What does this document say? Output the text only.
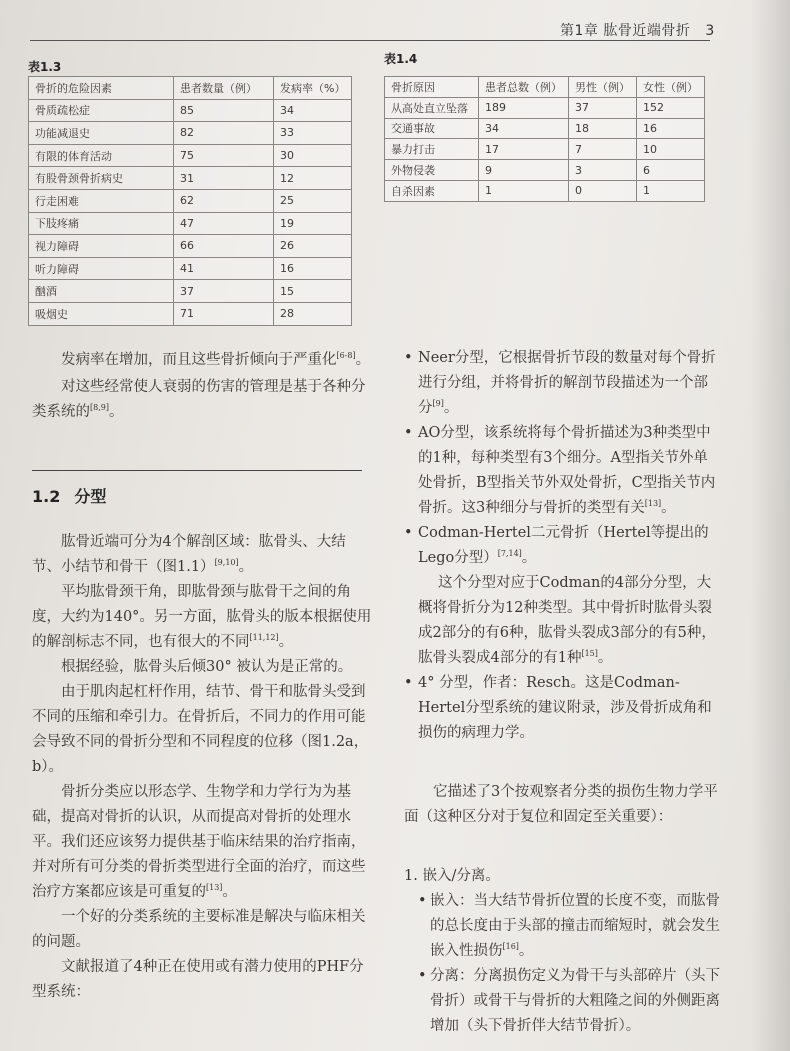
第1章 肱骨近端骨折 3
表1.3
骨折的危险因素	患者数量（例）	发病率（%）
骨质疏松症	85	34
功能减退史	82	33
有限的体育活动	75	30
有股骨颈骨折病史	31	12
行走困难	62	25
下肢疼痛	47	19
视力障碍	66	26
听力障碍	41	16
酗酒	37	15
吸烟史	71	28
表1.4
骨折原因	患者总数（例）	男性（例）	女性（例）
从高处直立坠落	189	37	152
交通事故	34	18	16
暴力打击	17	7	10
外物侵袭	9	3	6
自杀因素	1	0	1

发病率在增加，而且这些骨折倾向于严重化[6-8]。

对这些经常使人衰弱的伤害的管理是基于各种分类系统的[8,9]。

1.2 分型

肱骨近端可分为4个解剖区域：肱骨头、大结节、小结节和骨干（图1.1）[9,10]。

平均肱骨颈干角，即肱骨颈与肱骨干之间的角度，大约为140°。另一方面，肱骨头的版本根据使用的解剖标志不同，也有很大的不同[11,12]。

根据经验，肱骨头后倾30° 被认为是正常的。

由于肌肉起杠杆作用，结节、骨干和肱骨头受到不同的压缩和牵引力。在骨折后，不同力的作用可能会导致不同的骨折分型和不同程度的位移（图1.2a，b）。

骨折分类应以形态学、生物学和力学行为为基础，提高对骨折的认识，从而提高对骨折的处理水平。我们还应该努力提供基于临床结果的治疗指南，并对所有可分类的骨折类型进行全面的治疗，而这些治疗方案都应该是可重复的[13]。

一个好的分类系统的主要标准是解决与临床相关的问题。

文献报道了4种正在使用或有潜力使用的PHF分型系统：

• Neer分型，它根据骨折节段的数量对每个骨折进行分组，并将骨折的解剖节段描述为一个部分[9]。

• AO分型，该系统将每个骨折描述为3种类型中的1种，每种类型有3个细分。A型指关节外单处骨折，B型指关节外双处骨折，C型指关节内骨折。这3种细分与骨折的类型有关[13]。

• Codman-Hertel二元骨折（Hertel等提出的Lego分型）[7,14]。

这个分型对应于Codman的4部分分型，大概将骨折分为12种类型。其中骨折时肱骨头裂成2部分的有6种，肱骨头裂成3部分的有5种，肱骨头裂成4部分的有1种[15]。

• 4° 分型，作者：Resch。这是Codman-Hertel分型系统的建议附录，涉及骨折成角和损伤的病理力学。

它描述了3个按观察者分类的损伤生物力学平面（这种区分对于复位和固定至关重要）：

1. 嵌入/分离。

• 嵌入：当大结节骨折位置的长度不变，而肱骨的总长度由于头部的撞击而缩短时，就会发生嵌入性损伤[16]。

• 分离：分离损伤定义为骨干与头部碎片（头下骨折）或骨干与骨折的大粗隆之间的外侧距离增加（头下骨折伴大结节骨折）。
